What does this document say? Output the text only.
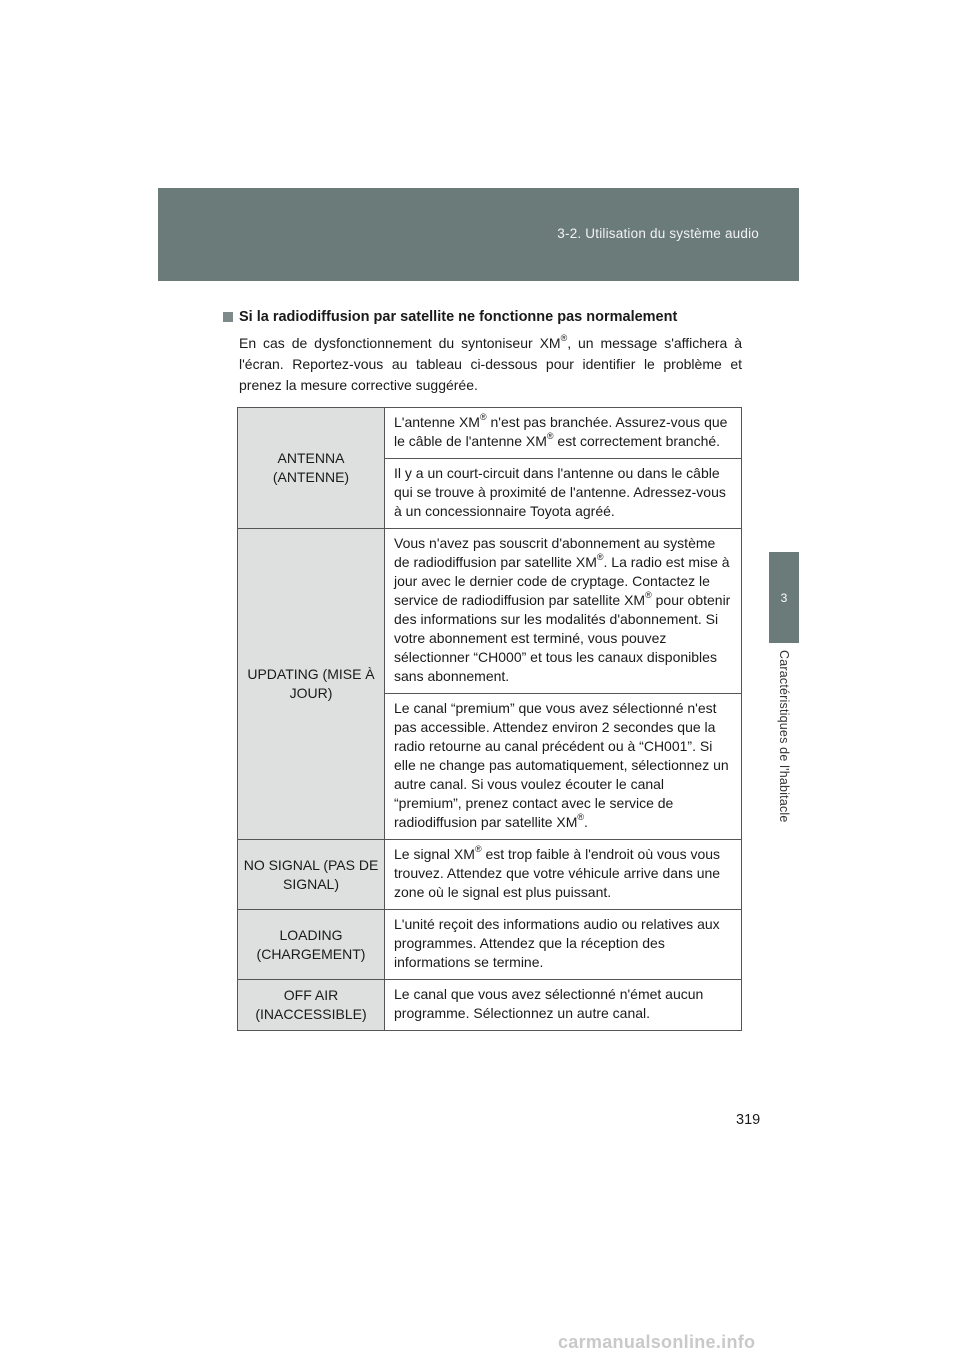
3-2. Utilisation du système audio
3
Caractéristiques de l'habitacle
Si la radiodiffusion par satellite ne fonctionne pas normalement
En cas de dysfonctionnement du syntoniseur XM®, un message s'afficherа à l'écran. Reportez-vous au tableau ci-dessous pour identifier le problème et prenez la mesure corrective suggérée.
ANTENNA (ANTENNE)	L'antenne XM® n'est pas branchée. Assurez-vous que le câble de l'antenne XM® est correctement branché.
	Il y a un court-circuit dans l'antenne ou dans le câble qui se trouve à proximité de l'antenne. Adressez-vous à un concessionnaire Toyota agréé.
UPDATING (MISE À JOUR)	Vous n'avez pas souscrit d'abonnement au système de radiodiffusion par satellite XM®. La radio est mise à jour avec le dernier code de cryptage. Contactez le service de radiodiffusion par satellite XM® pour obtenir des informations sur les modalités d'abonnement. Si votre abonnement est terminé, vous pouvez sélectionner “CH000” et tous les canaux disponibles sans abonnement.
	Le canal “premium” que vous avez sélectionné n'est pas accessible. Attendez environ 2 secondes que la radio retourne au canal précédent ou à “CH001”. Si elle ne change pas automatiquement, sélectionnez un autre canal. Si vous voulez écouter le canal “premium”, prenez contact avec le service de radiodiffusion par satellite XM®.
NO SIGNAL (PAS DE SIGNAL)	Le signal XM® est trop faible à l'endroit où vous vous trouvez. Attendez que votre véhicule arrive dans une zone où le signal est plus puissant.
LOADING (CHARGEMENT)	L'unité reçoit des informations audio ou relatives aux programmes. Attendez que la réception des informations se termine.
OFF AIR (INACCESSIBLE)	Le canal que vous avez sélectionné n'émet aucun programme. Sélectionnez un autre canal.
319
carmanualsonline.info
